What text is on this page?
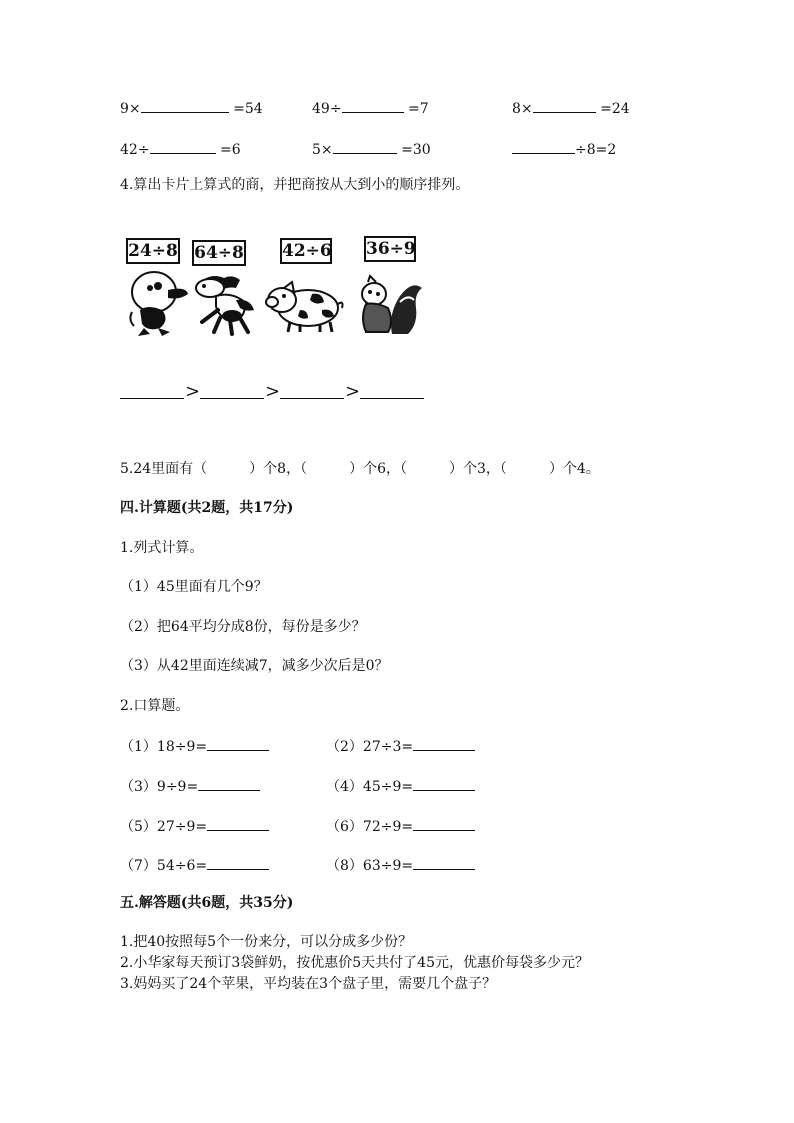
9×	=54	49÷	=7	8×	=24
42÷	=6	5×	=30	÷8=2
4.算出卡片上算式的商，并把商按从大到小的顺序排列。
24÷8 64÷8 42÷6 36÷9
>	>	>
5.24里面有（	）个8，（	）个6，（	）个3，（	）个4。
四.计算题(共2题，共17分)
1.列式计算。
（1）45里面有几个9？
（2）把64平均分成8份，每份是多少？
（3）从42里面连续减7，减多少次后是0？
2.口算题。
（1）18÷9=	（2）27÷3=
（3）9÷9=	（4）45÷9=
（5）27÷9=	（6）72÷9=
（7）54÷6=	（8）63÷9=
五.解答题(共6题，共35分)
1.把40按照每5个一份来分，可以分成多少份？
2.小华家每天预订3袋鲜奶，按优惠价5天共付了45元，优惠价每袋多少元？
3.妈妈买了24个苹果，平均装在3个盘子里，需要几个盘子？
